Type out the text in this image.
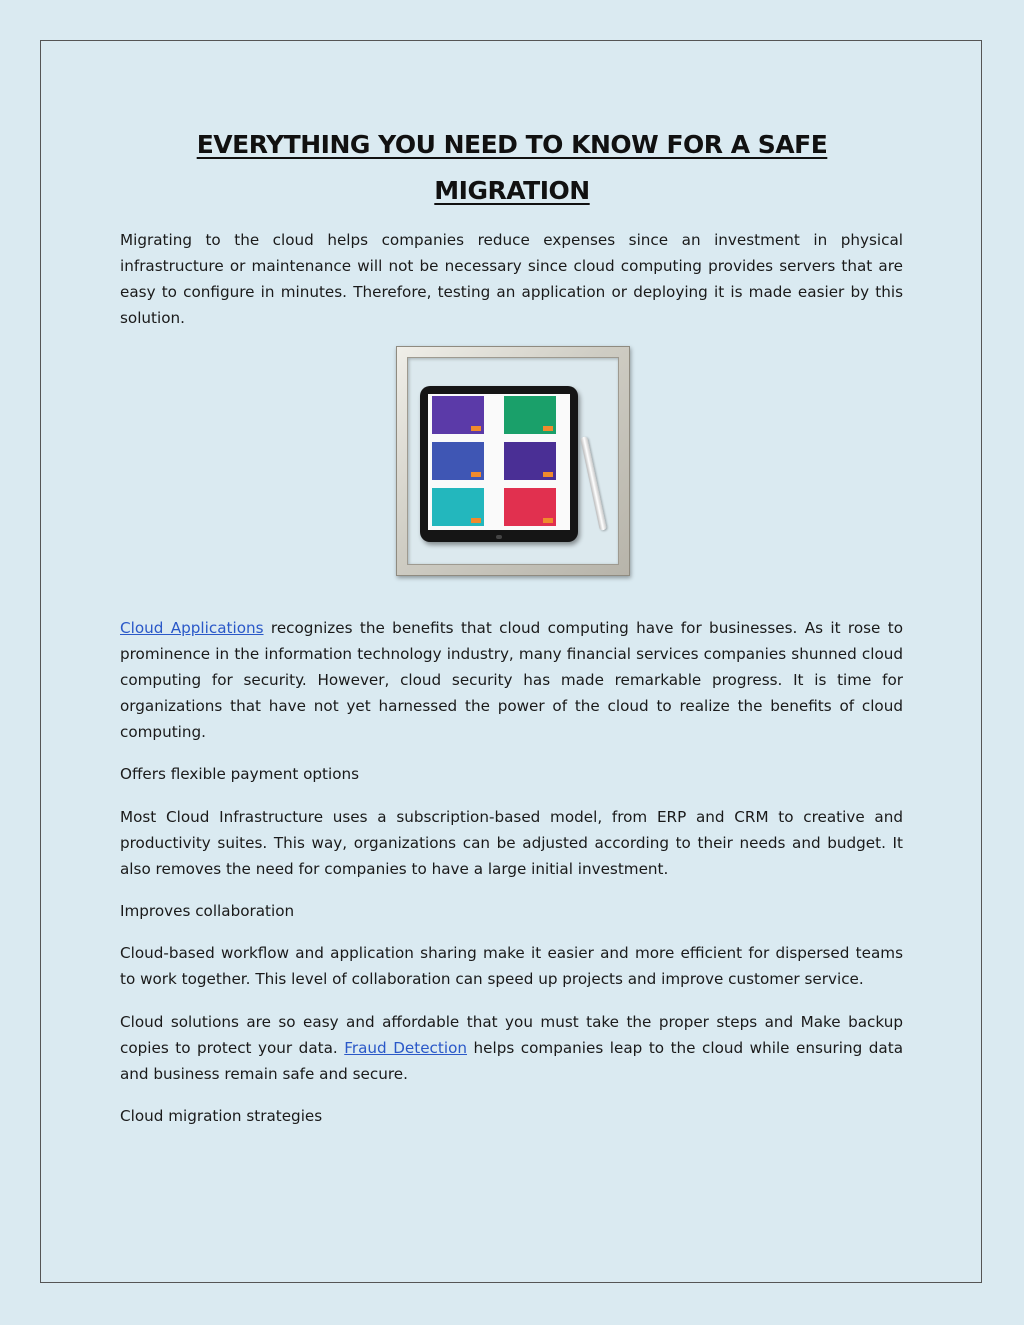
EVERYTHING YOU NEED TO KNOW FOR A SAFE
MIGRATION

Migrating to the cloud helps companies reduce expenses since an investment in physical infrastructure or maintenance will not be necessary since cloud computing provides servers that are easy to configure in minutes. Therefore, testing an application or deploying it is made easier by this solution.

Cloud Applications recognizes the benefits that cloud computing have for businesses. As it rose to prominence in the information technology industry, many financial services companies shunned cloud computing for security. However, cloud security has made remarkable progress. It is time for organizations that have not yet harnessed the power of the cloud to realize the benefits of cloud computing.

Offers flexible payment options

Most Cloud Infrastructure uses a subscription-based model, from ERP and CRM to creative and productivity suites. This way, organizations can be adjusted according to their needs and budget. It also removes the need for companies to have a large initial investment.

Improves collaboration

Cloud-based workflow and application sharing make it easier and more efficient for dispersed teams to work together. This level of collaboration can speed up projects and improve customer service.

Cloud solutions are so easy and affordable that you must take the proper steps and Make backup copies to protect your data. Fraud Detection helps companies leap to the cloud while ensuring data and business remain safe and secure.

Cloud migration strategies
